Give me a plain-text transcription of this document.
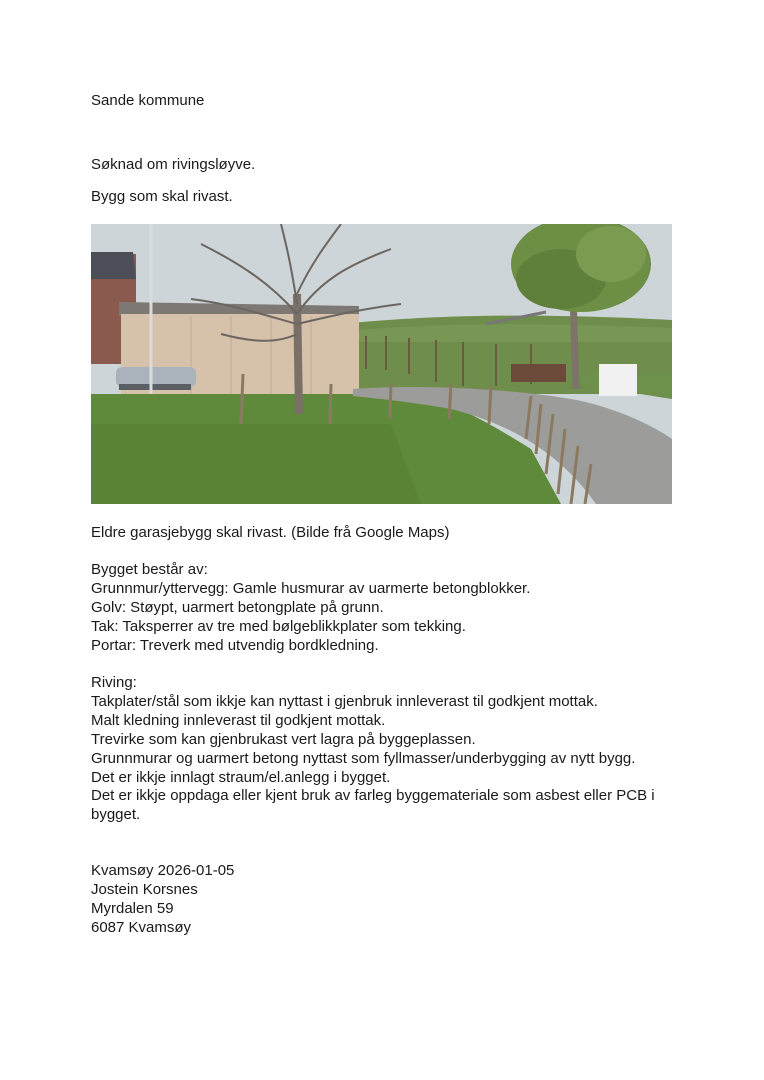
Sande kommune
Søknad om rivingsløyve.
Bygg som skal rivast.
Eldre garasjebygg skal rivast. (Bilde frå Google Maps)
Bygget består av:
Grunnmur/yttervegg: Gamle husmurar av uarmerte betongblokker.
Golv: Støypt, uarmert betongplate på grunn.
Tak: Taksperrer av tre med bølgeblikkplater som tekking.
Portar: Treverk med utvendig bordkledning.
Riving:
Takplater/stål som ikkje kan nyttast i gjenbruk innleverast til godkjent mottak.
Malt kledning innleverast til godkjent mottak.
Trevirke som kan gjenbrukast vert lagra på byggeplassen.
Grunnmurar og uarmert betong nyttast som fyllmasser/underbygging av nytt bygg.
Det er ikkje innlagt straum/el.anlegg i bygget.
Det er ikkje oppdaga eller kjent bruk av farleg byggemateriale som asbest eller PCB i bygget.
Kvamsøy 2026-01-05
Jostein Korsnes
Myrdalen 59
6087 Kvamsøy
